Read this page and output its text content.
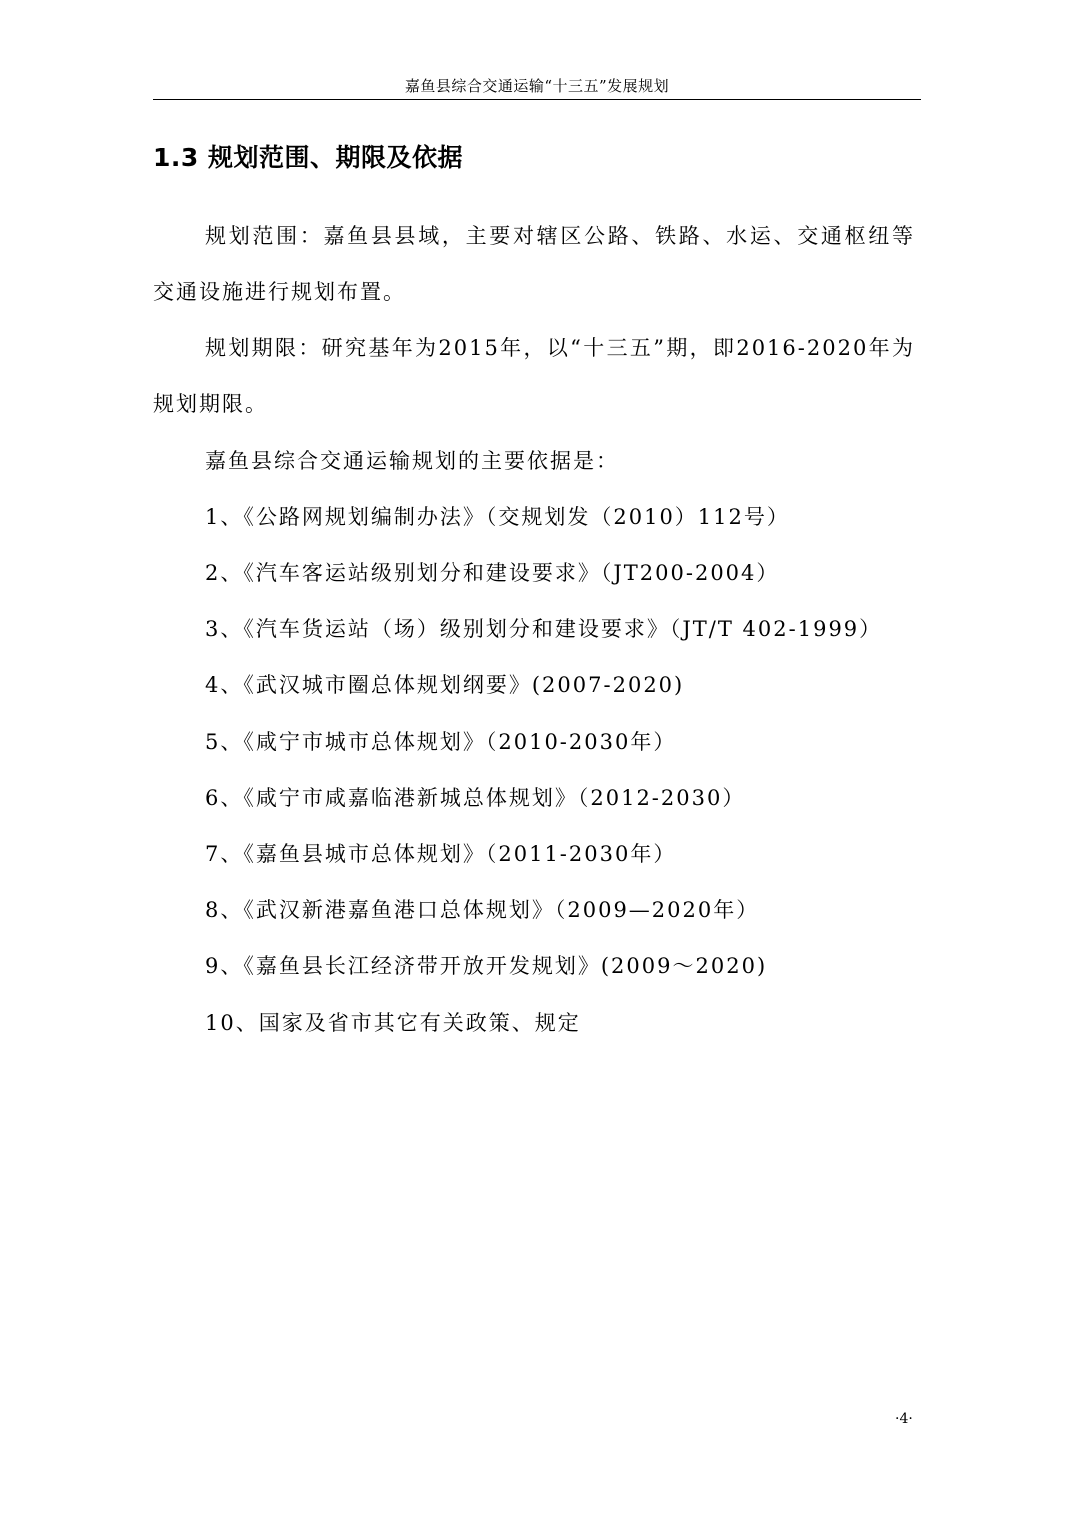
嘉鱼县综合交通运输“十三五”发展规划
1.3 规划范围、期限及依据

规划范围：嘉鱼县县域，主要对辖区公路、铁路、水运、交通枢纽等交通设施进行规划布置。

规划期限：研究基年为2015年，以“十三五”期，即2016-2020年为规划期限。

嘉鱼县综合交通运输规划的主要依据是：
1、《公路网规划编制办法》（交规划发（2010）112号）
2、《汽车客运站级别划分和建设要求》（JT200-2004）
3、《汽车货运站（场）级别划分和建设要求》（JT/T 402-1999）
4、《武汉城市圈总体规划纲要》(2007-2020)
5、《咸宁市城市总体规划》（2010-2030年）
6、《咸宁市咸嘉临港新城总体规划》（2012-2030）
7、《嘉鱼县城市总体规划》（2011-2030年）
8、《武汉新港嘉鱼港口总体规划》（2009—2020年）
9、《嘉鱼县长江经济带开放开发规划》(2009～2020)
10、国家及省市其它有关政策、规定
·4·
